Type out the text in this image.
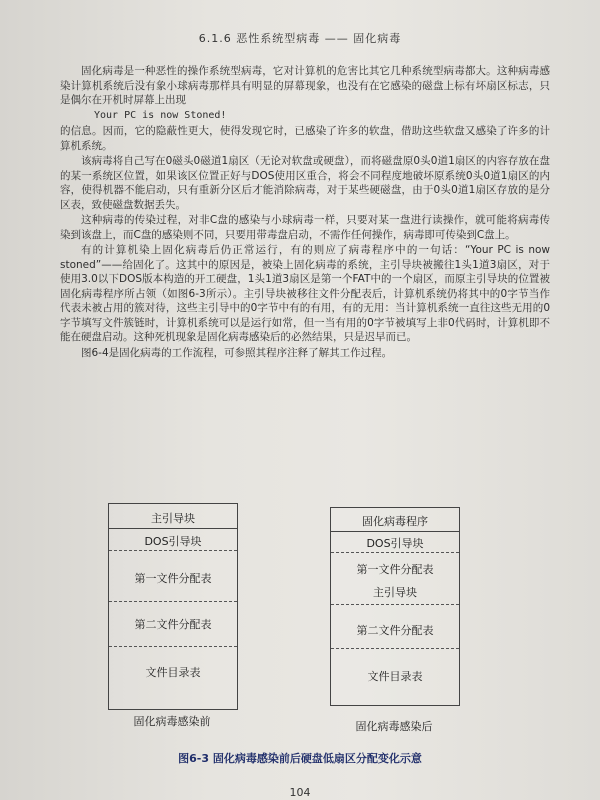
6.1.6 恶性系统型病毒 —— 固化病毒

固化病毒是一种恶性的操作系统型病毒，它对计算机的危害比其它几种系统型病毒都大。这种病毒感染计算机系统后没有象小球病毒那样具有明显的屏幕现象，也没有在它感染的磁盘上标有坏扇区标志，只是偶尔在开机时屏幕上出现

Your PC is now Stoned!

的信息。因而，它的隐蔽性更大，使得发现它时，已感染了许多的软盘，借助这些软盘又感染了许多的计算机系统。

该病毒将自己写在0磁头0磁道1扇区（无论对软盘或硬盘），而将磁盘原0头0道1扇区的内容存放在盘的某一系统区位置，如果该区位置正好与DOS使用区重合，将会不同程度地破坏原系统0头0道1扇区的内容，使得机器不能启动，只有重新分区后才能消除病毒，对于某些硬磁盘，由于0头0道1扇区存放的是分区表，致使磁盘数据丢失。

这种病毒的传染过程，对非C盘的感染与小球病毒一样，只要对某一盘进行读操作，就可能将病毒传染到该盘上，而C盘的感染则不同，只要用带毒盘启动，不需作任何操作，病毒即可传染到C盘上。

有的计算机染上固化病毒后仍正常运行，有的则应了病毒程序中的一句话：“Your PC is now stoned”——给固化了。这其中的原因是，被染上固化病毒的系统，主引导块被搬往1头1道3扇区，对于使用3.0以下DOS版本构造的开工硬盘，1头1道3扇区是第一个FAT中的一个扇区，而原主引导块的位置被固化病毒程序所占领（如图6-3所示）。主引导块被移往文件分配表后，计算机系统仍将其中的0字节当作代表未被占用的簇对待，这些主引导中的0字节中有的有用，有的无用：当计算机系统一直往这些无用的0字节填写文件簇链时，计算机系统可以是运行如常，但一当有用的0字节被填写上非0代码时，计算机即不能在硬盘启动。这种死机现象是固化病毒感染后的必然结果，只是迟早而已。

图6-4是固化病毒的工作流程，可参照其程序注释了解其工作过程。

主引导块
DOS引导块
第一文件分配表
第二文件分配表
文件目录表
固化病毒感染前
固化病毒程序
DOS引导块
第一文件分配表
主引导块
第二文件分配表
文件目录表
固化病毒感染后
图6-3 固化病毒感染前后硬盘低扇区分配变化示意
104
